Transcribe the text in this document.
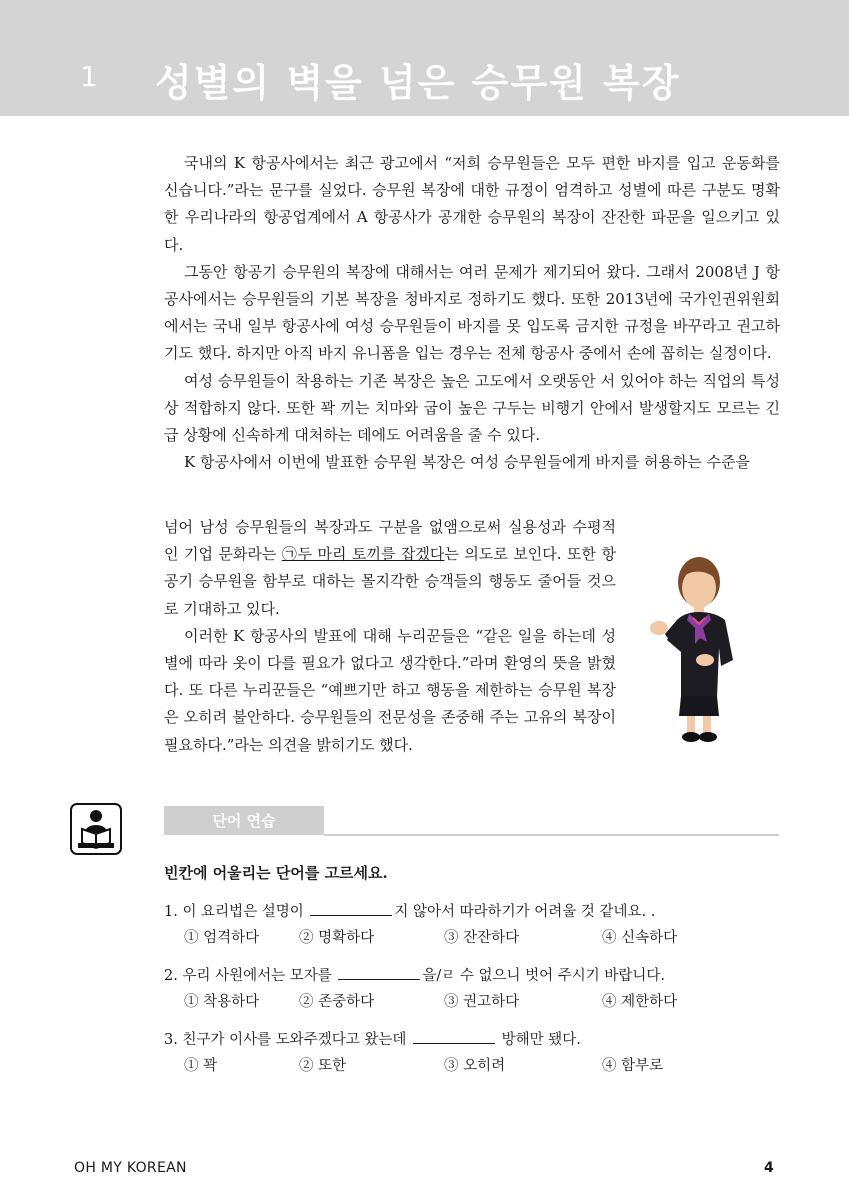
1 성별의 벽을 넘은 승무원 복장

국내의 K 항공사에서는 최근 광고에서 “저희 승무원들은 모두 편한 바지를 입고 운동화를 신습니다.”라는 문구를 실었다. 승무원 복장에 대한 규정이 엄격하고 성별에 따른 구분도 명확한 우리나라의 항공업계에서 A 항공사가 공개한 승무원의 복장이 잔잔한 파문을 일으키고 있다.

그동안 항공기 승무원의 복장에 대해서는 여러 문제가 제기되어 왔다. 그래서 2008년 J 항공사에서는 승무원들의 기본 복장을 청바지로 정하기도 했다. 또한 2013년에 국가인권위원회에서는 국내 일부 항공사에 여성 승무원들이 바지를 못 입도록 금지한 규정을 바꾸라고 권고하기도 했다. 하지만 아직 바지 유니폼을 입는 경우는 전체 항공사 중에서 손에 꼽히는 실정이다.

여성 승무원들이 착용하는 기존 복장은 높은 고도에서 오랫동안 서 있어야 하는 직업의 특성상 적합하지 않다. 또한 꽉 끼는 치마와 굽이 높은 구두는 비행기 안에서 발생할지도 모르는 긴급 상황에 신속하게 대처하는 데에도 어려움을 줄 수 있다.

K 항공사에서 이번에 발표한 승무원 복장은 여성 승무원들에게 바지를 허용하는 수준을

넘어 남성 승무원들의 복장과도 구분을 없앰으로써 실용성과 수평적인 기업 문화라는 ㉠두 마리 토끼를 잡겠다는 의도로 보인다. 또한 항공기 승무원을 함부로 대하는 몰지각한 승객들의 행동도 줄어들 것으로 기대하고 있다.

이러한 K 항공사의 발표에 대해 누리꾼들은 “같은 일을 하는데 성별에 따라 옷이 다를 필요가 없다고 생각한다.”라며 환영의 뜻을 밝혔다. 또 다른 누리꾼들은 “예쁘기만 하고 행동을 제한하는 승무원 복장은 오히려 불안하다. 승무원들의 전문성을 존중해 주는 고유의 복장이 필요하다.”라는 의견을 밝히기도 했다.

단어 연습
빈칸에 어울리는 단어를 고르세요.
1. 이 요리법은 설명이	지 않아서 따라하기가 어려울 것 같네요. .
① 엄격하다	② 명확하다	③ 잔잔하다	④ 신속하다
2. 우리 사원에서는 모자를	을/ㄹ 수 없으니 벗어 주시기 바랍니다.
① 착용하다	② 존중하다	③ 권고하다	④ 제한하다
3. 친구가 이사를 도와주겠다고 왔는데	방해만 됐다.
① 꽉	② 또한	③ 오히려	④ 함부로
OH MY KOREAN	4
